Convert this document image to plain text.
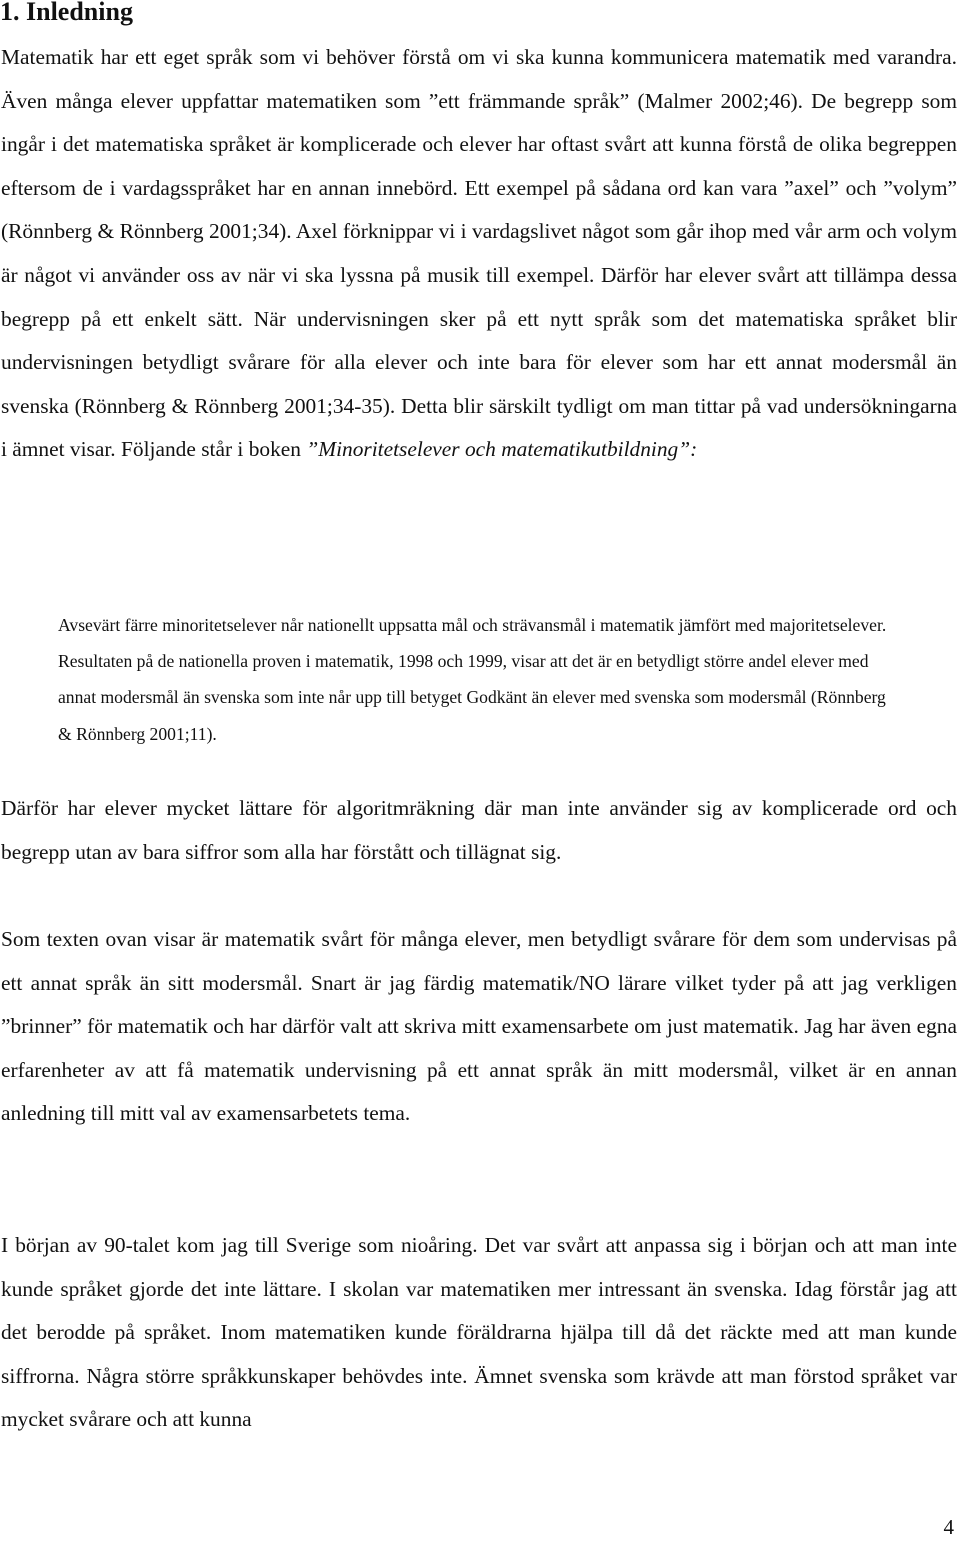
1. Inledning

Matematik har ett eget språk som vi behöver förstå om vi ska kunna kommunicera matematik med varandra. Även många elever uppfattar matematiken som ”ett främmande språk” (Malmer 2002;46). De begrepp som ingår i det matematiska språket är komplicerade och elever har oftast svårt att kunna förstå de olika begreppen eftersom de i vardagsspråket har en annan innebörd. Ett exempel på sådana ord kan vara ”axel” och ”volym” (Rönnberg & Rönnberg 2001;34). Axel förknippar vi i vardagslivet något som går ihop med vår arm och volym är något vi använder oss av när vi ska lyssna på musik till exempel. Därför har elever svårt att tillämpa dessa begrepp på ett enkelt sätt. När undervisningen sker på ett nytt språk som det matematiska språket blir undervisningen betydligt svårare för alla elever och inte bara för elever som har ett annat modersmål än svenska (Rönnberg & Rönnberg 2001;34-35). Detta blir särskilt tydligt om man tittar på vad undersökningarna i ämnet visar. Följande står i boken ”Minoritetselever och matematikutbildning”:

Avsevärt färre minoritetselever når nationellt uppsatta mål och strävansmål i matematik jämfört med majoritetselever. Resultaten på de nationella proven i matematik, 1998 och 1999, visar att det är en betydligt större andel elever med annat modersmål än svenska som inte når upp till betyget Godkänt än elever med svenska som modersmål (Rönnberg & Rönnberg 2001;11).

Därför har elever mycket lättare för algoritmräkning där man inte använder sig av komplicerade ord och begrepp utan av bara siffror som alla har förstått och tillägnat sig.

Som texten ovan visar är matematik svårt för många elever, men betydligt svårare för dem som undervisas på ett annat språk än sitt modersmål. Snart är jag färdig matematik/NO lärare vilket tyder på att jag verkligen ”brinner” för matematik och har därför valt att skriva mitt examensarbete om just matematik. Jag har även egna erfarenheter av att få matematik undervisning på ett annat språk än mitt modersmål, vilket är en annan anledning till mitt val av examensarbetets tema.

I början av 90-talet kom jag till Sverige som nioåring. Det var svårt att anpassa sig i början och att man inte kunde språket gjorde det inte lättare. I skolan var matematiken mer intressant än svenska. Idag förstår jag att det berodde på språket. Inom matematiken kunde föräldrarna hjälpa till då det räckte med att man kunde siffrorna. Några större språkkunskaper behövdes inte. Ämnet svenska som krävde att man förstod språket var mycket svårare och att kunna

4
